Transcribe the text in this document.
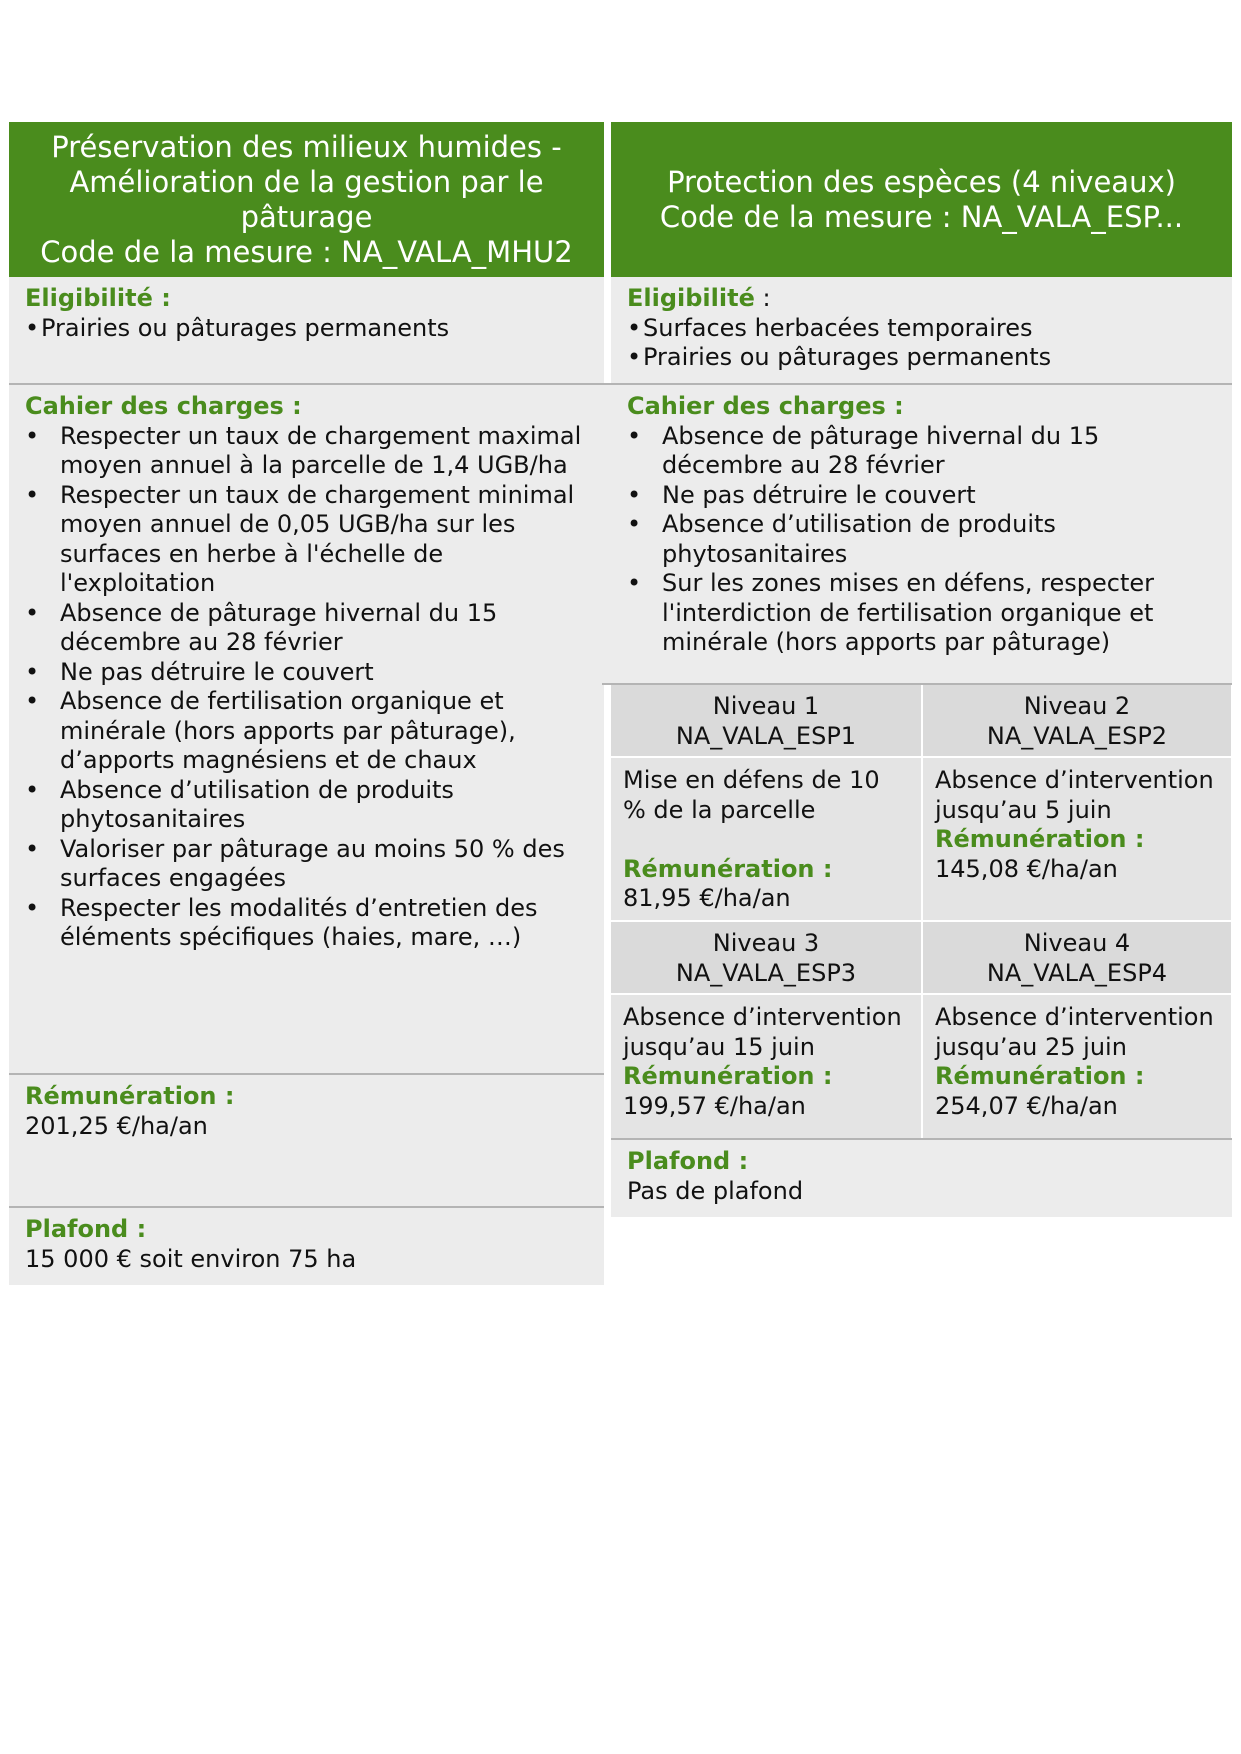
Préservation des milieux humides -
Amélioration de la gestion par le
pâturage
Code de la mesure : NA_VALA_MHU2
Eligibilité :
• Prairies ou pâturages permanents
Cahier des charges :
• Respecter un taux de chargement maximal moyen annuel à la parcelle de 1,4 UGB/ha
• Respecter un taux de chargement minimal moyen annuel de 0,05 UGB/ha sur les surfaces en herbe à l'échelle de l'exploitation
• Absence de pâturage hivernal du 15 décembre au 28 février
• Ne pas détruire le couvert
• Absence de fertilisation organique et minérale (hors apports par pâturage), d’apports magnésiens et de chaux
• Absence d’utilisation de produits phytosanitaires
• Valoriser par pâturage au moins 50 % des surfaces engagées
• Respecter les modalités d’entretien des éléments spécifiques (haies, mare, …)
Rémunération :
201,25 €/ha/an
Plafond :
15 000 € soit environ 75 ha
Protection des espèces (4 niveaux)
Code de la mesure : NA_VALA_ESP...
Eligibilité :
• Surfaces herbacées temporaires
• Prairies ou pâturages permanents
Cahier des charges :
• Absence de pâturage hivernal du 15 décembre au 28 février
• Ne pas détruire le couvert
• Absence d’utilisation de produits phytosanitaires
• Sur les zones mises en défens, respecter l'interdiction de fertilisation organique et minérale (hors apports par pâturage)
Niveau 1
NA_VALA_ESP1
Mise en défens de 10 % de la parcelle
Rémunération :
81,95 €/ha/an
Niveau 2
NA_VALA_ESP2
Absence d’intervention jusqu’au 5 juin
Rémunération :
145,08 €/ha/an
Niveau 3
NA_VALA_ESP3
Absence d’intervention jusqu’au 15 juin
Rémunération :
199,57 €/ha/an
Niveau 4
NA_VALA_ESP4
Absence d’intervention jusqu’au 25 juin
Rémunération :
254,07 €/ha/an
Plafond :
Pas de plafond
